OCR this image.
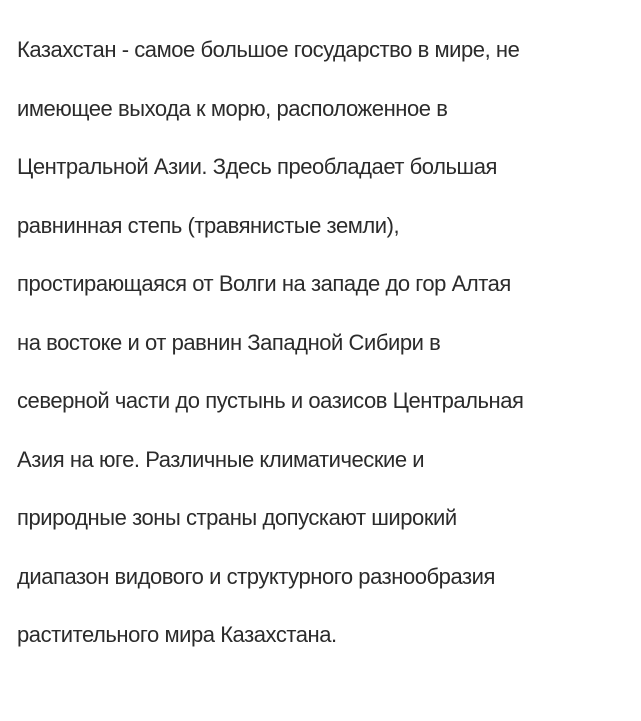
Казахстан - самое большое государство в мире, не
имеющее выхода к морю, расположенное в
Центральной Азии. Здесь преобладает большая
равнинная степь (травянистые земли),
простирающаяся от Волги на западе до гор Алтая
на востоке и от равнин Западной Сибири в
северной части до пустынь и оазисов Центральная
Азия на юге. Различные климатические и
природные зоны страны допускают широкий
диапазон видового и структурного разнообразия
растительного мира Казахстана.
